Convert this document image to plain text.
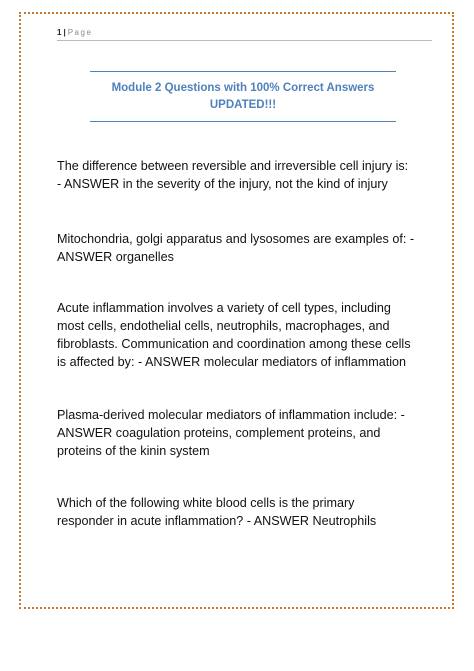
1 | Page
Module 2 Questions with 100% Correct Answers
UPDATED!!!
The difference between reversible and irreversible cell injury is:
- ANSWER in the severity of the injury, not the kind of injury
Mitochondria, golgi apparatus and lysosomes are examples of: -
ANSWER organelles
Acute inflammation involves a variety of cell types, including
most cells, endothelial cells, neutrophils, macrophages, and
fibroblasts. Communication and coordination among these cells
is affected by: - ANSWER molecular mediators of inflammation
Plasma-derived molecular mediators of inflammation include: -
ANSWER coagulation proteins, complement proteins, and
proteins of the kinin system
Which of the following white blood cells is the primary
responder in acute inflammation? - ANSWER Neutrophils
